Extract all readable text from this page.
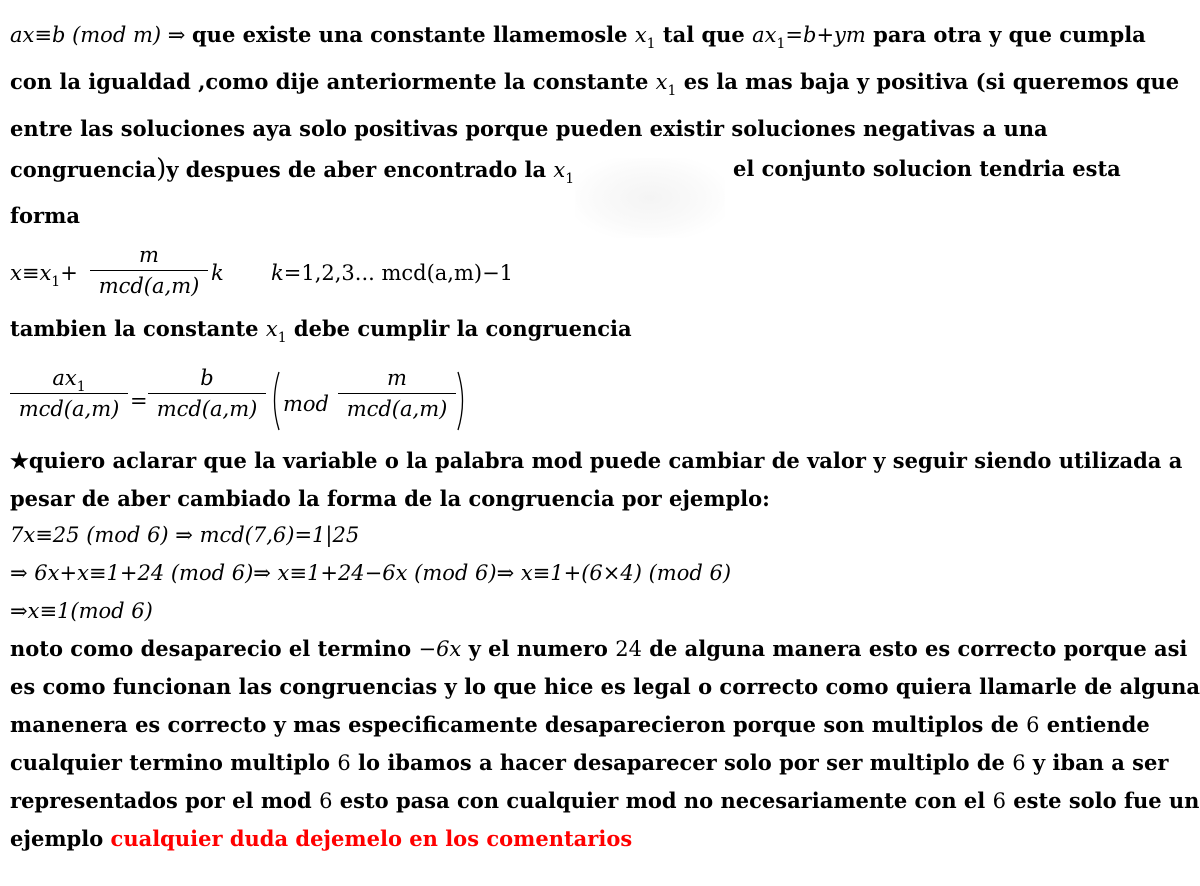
ax≡b (mod m) ⇒ que existe una constante llamemosle $x_1$ tal que $ax_1=b+ym$ para otra y que cumpla
con la igualdad ,como dije anteriormente la constante $x_1$ es la mas baja y positiva (si queremos que
entre las soluciones aya solo positivas porque pueden existir soluciones negativas a una
congruencia)y despues de aber encontrado la $x_1$	el conjunto solucion tendria esta
forma
$x\equiv x_1+$
m
mcd(a,m)
k k=1,2,3... mcd(a,m)−1
tambien la constante $x_1$ debe cumplir la congruencia
$ax_1$
mcd(a,m) =
b
mcd(a,m)	mod
m
mcd(a,m)
★quiero aclarar que la variable o la palabra mod puede cambiar de valor y seguir siendo utilizada a
pesar de aber cambiado la forma de la congruencia por ejemplo:
7x≡25 (mod 6) ⇒ mcd(7,6)=1|25
⇒ 6x+x≡1+24 (mod 6)⇒ x≡1+24−6x (mod 6)⇒ x≡1+(6×4) (mod 6)
⇒x≡1(mod 6)
noto como desaparecio el termino −6x y el numero 24 de alguna manera esto es correcto porque asi
es como funcionan las congruencias y lo que hice es legal o correcto como quiera llamarle de alguna
manenera es correcto y mas especificamente desaparecieron porque son multiplos de 6 entiende
cualquier termino multiplo 6 lo ibamos a hacer desaparecer solo por ser multiplo de 6 y iban a ser
representados por el mod 6 esto pasa con cualquier mod no necesariamente con el 6 este solo fue un
ejemplo cualquier duda dejemelo en los comentarios
